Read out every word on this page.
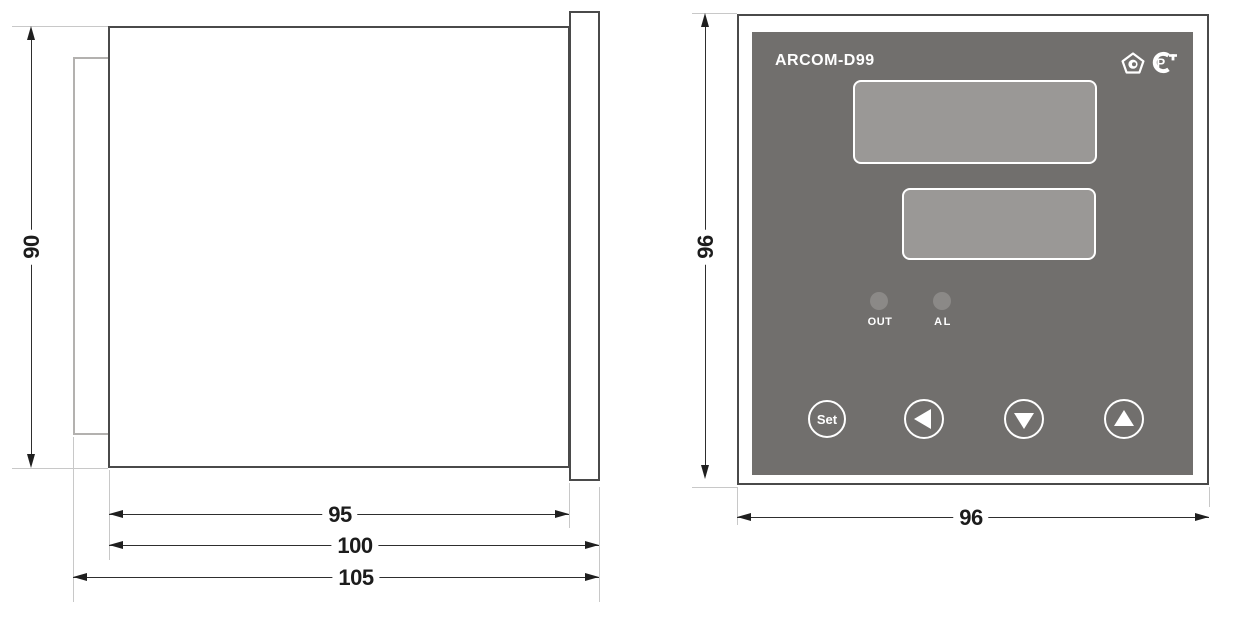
90
95
100
105
96
ARCOM-D99	P
OUT	AL
Set
96
